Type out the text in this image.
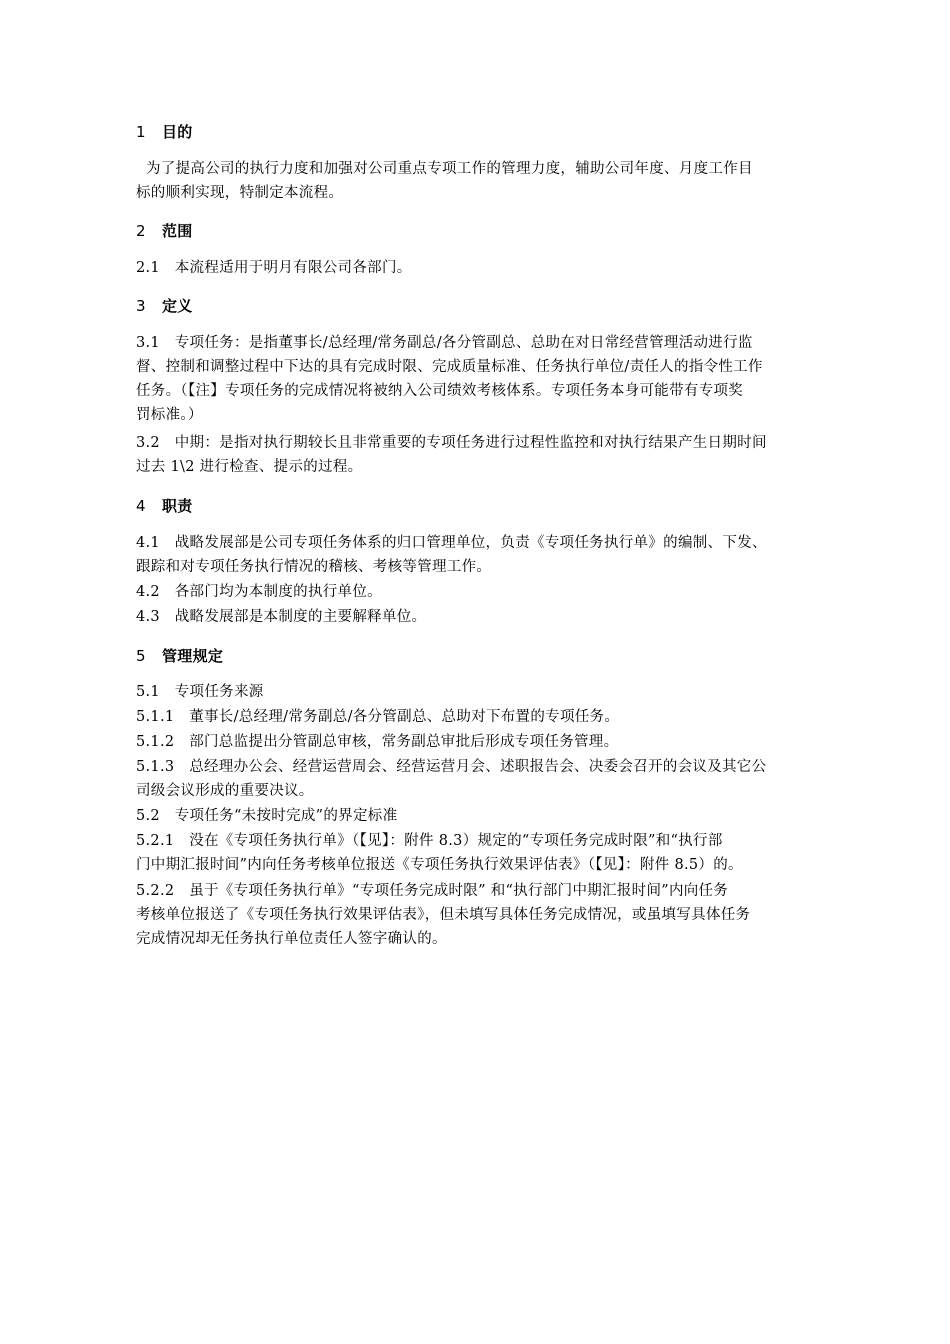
1 目的
为了提高公司的执行力度和加强对公司重点专项工作的管理力度，辅助公司年度、月度工作目
标的顺利实现，特制定本流程。
2 范围
2.1　本流程适用于明月有限公司各部门。
3 定义
3.1　专项任务：是指董事长/总经理/常务副总/各分管副总、总助在对日常经营管理活动进行监
督、控制和调整过程中下达的具有完成时限、完成质量标准、任务执行单位/责任人的指令性工作
任务。（【注】专项任务的完成情况将被纳入公司绩效考核体系。专项任务本身可能带有专项奖
罚标准。）
3.2　中期：是指对执行期较长且非常重要的专项任务进行过程性监控和对执行结果产生日期时间
过去 1\2 进行检查、提示的过程。
4 职责
4.1　战略发展部是公司专项任务体系的归口管理单位，负责《专项任务执行单》的编制、下发、
跟踪和对专项任务执行情况的稽核、考核等管理工作。
4.2　各部门均为本制度的执行单位。
4.3　战略发展部是本制度的主要解释单位。
5 管理规定
5.1　专项任务来源
5.1.1　董事长/总经理/常务副总/各分管副总、总助对下布置的专项任务。
5.1.2　部门总监提出分管副总审核，常务副总审批后形成专项任务管理。
5.1.3　总经理办公会、经营运营周会、经营运营月会、述职报告会、决委会召开的会议及其它公
司级会议形成的重要决议。
5.2　专项任务“未按时完成”的界定标准
5.2.1　没在《专项任务执行单》（【见】：附件 8.3）规定的“专项任务完成时限”和“执行部
门中期汇报时间”内向任务考核单位报送《专项任务执行效果评估表》（【见】：附件 8.5）的。
5.2.2　虽于《专项任务执行单》“专项任务完成时限” 和“执行部门中期汇报时间”内向任务
考核单位报送了《专项任务执行效果评估表》，但未填写具体任务完成情况，或虽填写具体任务
完成情况却无任务执行单位责任人签字确认的。
